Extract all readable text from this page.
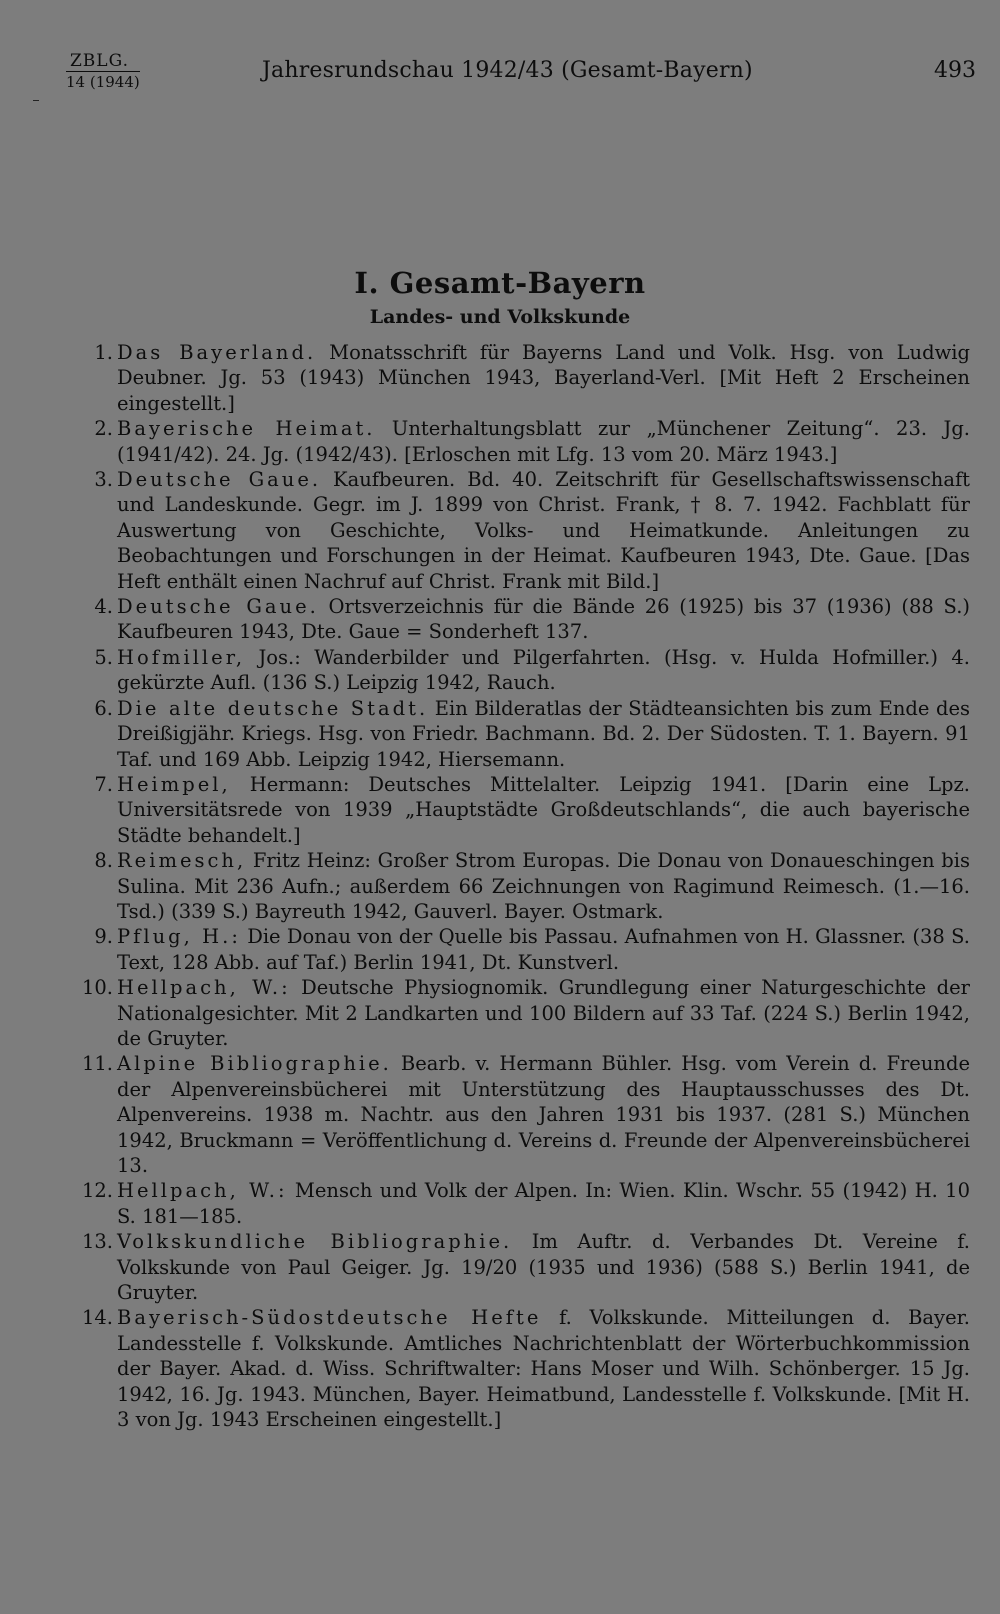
ZBLG.
14 (1944)	Jahresrundschau 1942/43 (Gesamt-Bayern)	493
I. Gesamt-Bayern
Landes- und Volkskunde
1. Das Bayerland. Monatsschrift für Bayerns Land und Volk. Hsg. von Ludwig Deubner. Jg. 53 (1943) München 1943, Bayerland-Verl. [Mit Heft 2 Erscheinen eingestellt.]
2. Bayerische Heimat. Unterhaltungsblatt zur „Münchener Zeitung“. 23. Jg. (1941/42). 24. Jg. (1942/43). [Erloschen mit Lfg. 13 vom 20. März 1943.]
3. Deutsche Gaue. Kaufbeuren. Bd. 40. Zeitschrift für Gesellschaftswissenschaft und Landeskunde. Gegr. im J. 1899 von Christ. Frank, † 8. 7. 1942. Fachblatt für Auswertung von Geschichte, Volks- und Heimatkunde. Anleitungen zu Beobachtungen und Forschungen in der Heimat. Kaufbeuren 1943, Dte. Gaue. [Das Heft enthält einen Nachruf auf Christ. Frank mit Bild.]
4. Deutsche Gaue. Ortsverzeichnis für die Bände 26 (1925) bis 37 (1936) (88 S.) Kaufbeuren 1943, Dte. Gaue = Sonderheft 137.
5. Hofmiller, Jos.: Wanderbilder und Pilgerfahrten. (Hsg. v. Hulda Hofmiller.) 4. gekürzte Aufl. (136 S.) Leipzig 1942, Rauch.
6. Die alte deutsche Stadt. Ein Bilderatlas der Städteansichten bis zum Ende des Dreißigjähr. Kriegs. Hsg. von Friedr. Bachmann. Bd. 2. Der Südosten. T. 1. Bayern. 91 Taf. und 169 Abb. Leipzig 1942, Hiersemann.
7. Heimpel, Hermann: Deutsches Mittelalter. Leipzig 1941. [Darin eine Lpz. Universitätsrede von 1939 „Hauptstädte Großdeutschlands“, die auch bayerische Städte behandelt.]
8. Reimesch, Fritz Heinz: Großer Strom Europas. Die Donau von Donaueschingen bis Sulina. Mit 236 Aufn.; außerdem 66 Zeichnungen von Ragimund Reimesch. (1.—16. Tsd.) (339 S.) Bayreuth 1942, Gauverl. Bayer. Ostmark.
9. Pflug, H.: Die Donau von der Quelle bis Passau. Aufnahmen von H. Glassner. (38 S. Text, 128 Abb. auf Taf.) Berlin 1941, Dt. Kunstverl.
10. Hellpach, W.: Deutsche Physiognomik. Grundlegung einer Naturgeschichte der Nationalgesichter. Mit 2 Landkarten und 100 Bildern auf 33 Taf. (224 S.) Berlin 1942, de Gruyter.
11. Alpine Bibliographie. Bearb. v. Hermann Bühler. Hsg. vom Verein d. Freunde der Alpenvereinsbücherei mit Unterstützung des Hauptausschusses des Dt. Alpenvereins. 1938 m. Nachtr. aus den Jahren 1931 bis 1937. (281 S.) München 1942, Bruckmann = Veröffentlichung d. Vereins d. Freunde der Alpenvereinsbücherei 13.
12. Hellpach, W.: Mensch und Volk der Alpen. In: Wien. Klin. Wschr. 55 (1942) H. 10 S. 181—185.
13. Volkskundliche Bibliographie. Im Auftr. d. Verbandes Dt. Vereine f. Volkskunde von Paul Geiger. Jg. 19/20 (1935 und 1936) (588 S.) Berlin 1941, de Gruyter.
14. Bayerisch-Südostdeutsche Hefte f. Volkskunde. Mitteilungen d. Bayer. Landesstelle f. Volkskunde. Amtliches Nachrichtenblatt der Wörterbuchkommission der Bayer. Akad. d. Wiss. Schriftwalter: Hans Moser und Wilh. Schönberger. 15 Jg. 1942, 16. Jg. 1943. München, Bayer. Heimatbund, Landesstelle f. Volkskunde. [Mit H. 3 von Jg. 1943 Erscheinen eingestellt.]
